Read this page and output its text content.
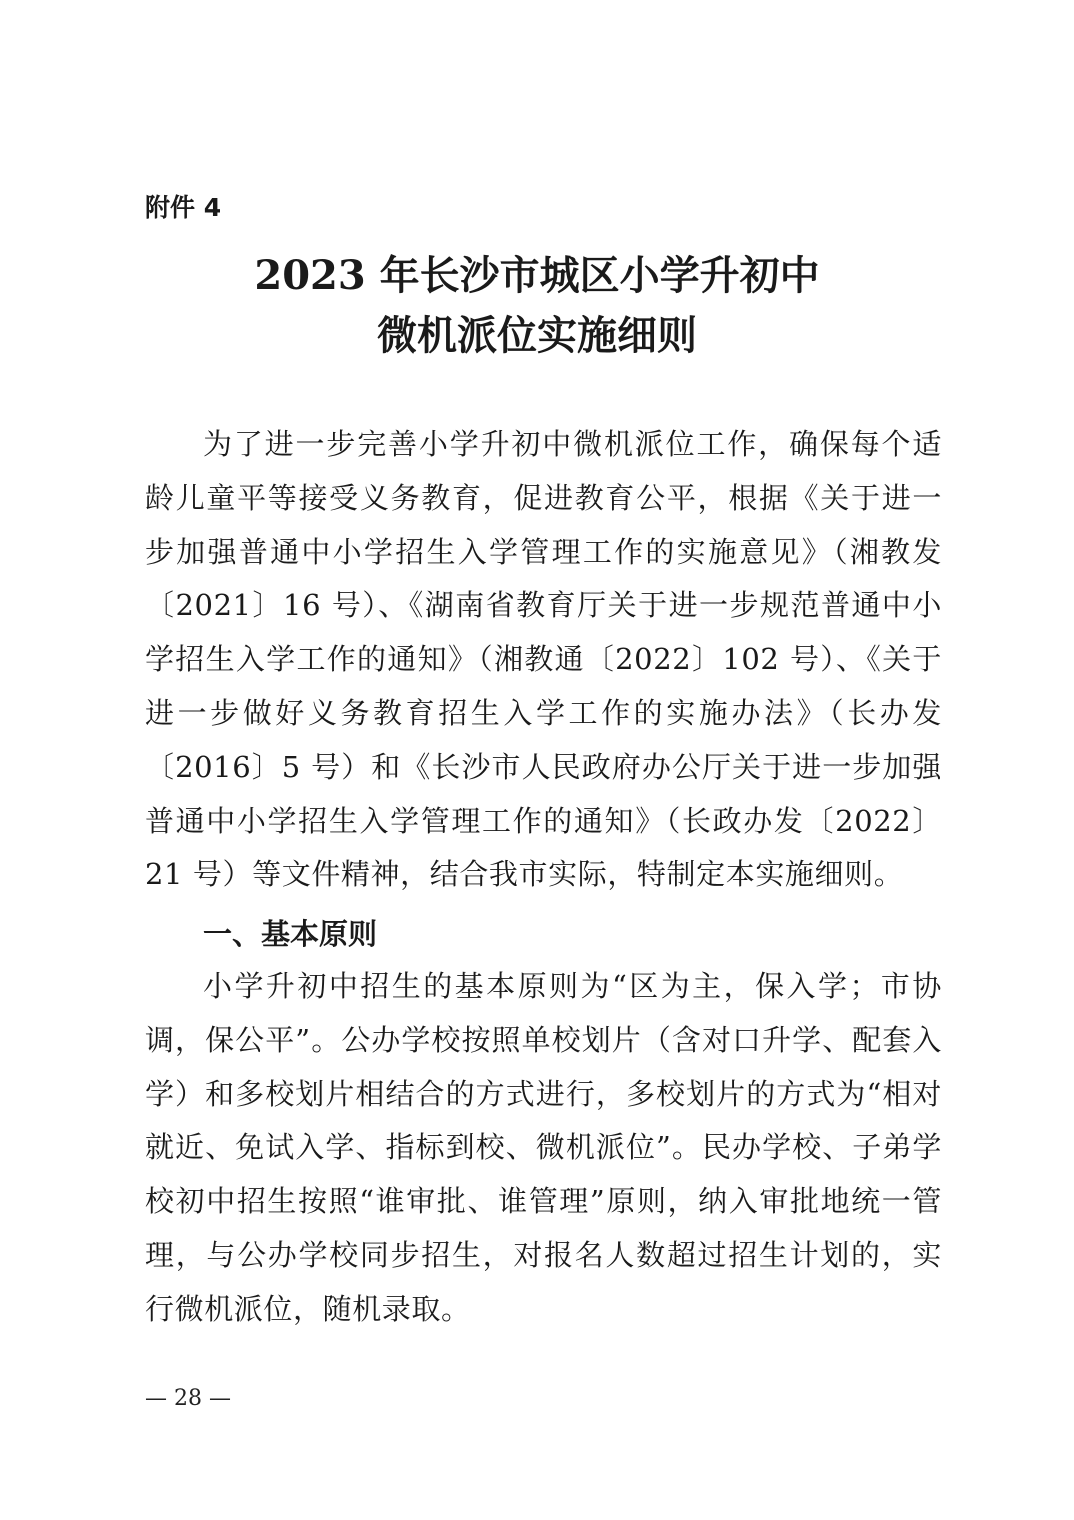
附件 4
2023 年长沙市城区小学升初中
微机派位实施细则

为了进一步完善小学升初中微机派位工作，确保每个适龄儿童平等接受义务教育，促进教育公平，根据《关于进一步加强普通中小学招生入学管理工作的实施意见》（湘教发〔2021〕16 号）、《湖南省教育厅关于进一步规范普通中小学招生入学工作的通知》（湘教通〔2022〕102 号）、《关于进一步做好义务教育招生入学工作的实施办法》（长办发〔2016〕5 号）和《长沙市人民政府办公厅关于进一步加强普通中小学招生入学管理工作的通知》（长政办发〔2022〕21 号）等文件精神，结合我市实际，特制定本实施细则。

一、基本原则

小学升初中招生的基本原则为“区为主，保入学；市协调，保公平”。公办学校按照单校划片（含对口升学、配套入学）和多校划片相结合的方式进行，多校划片的方式为“相对就近、免试入学、指标到校、微机派位”。民办学校、子弟学校初中招生按照“谁审批、谁管理”原则，纳入审批地统一管理，与公办学校同步招生，对报名人数超过招生计划的，实行微机派位，随机录取。

— 28 —
